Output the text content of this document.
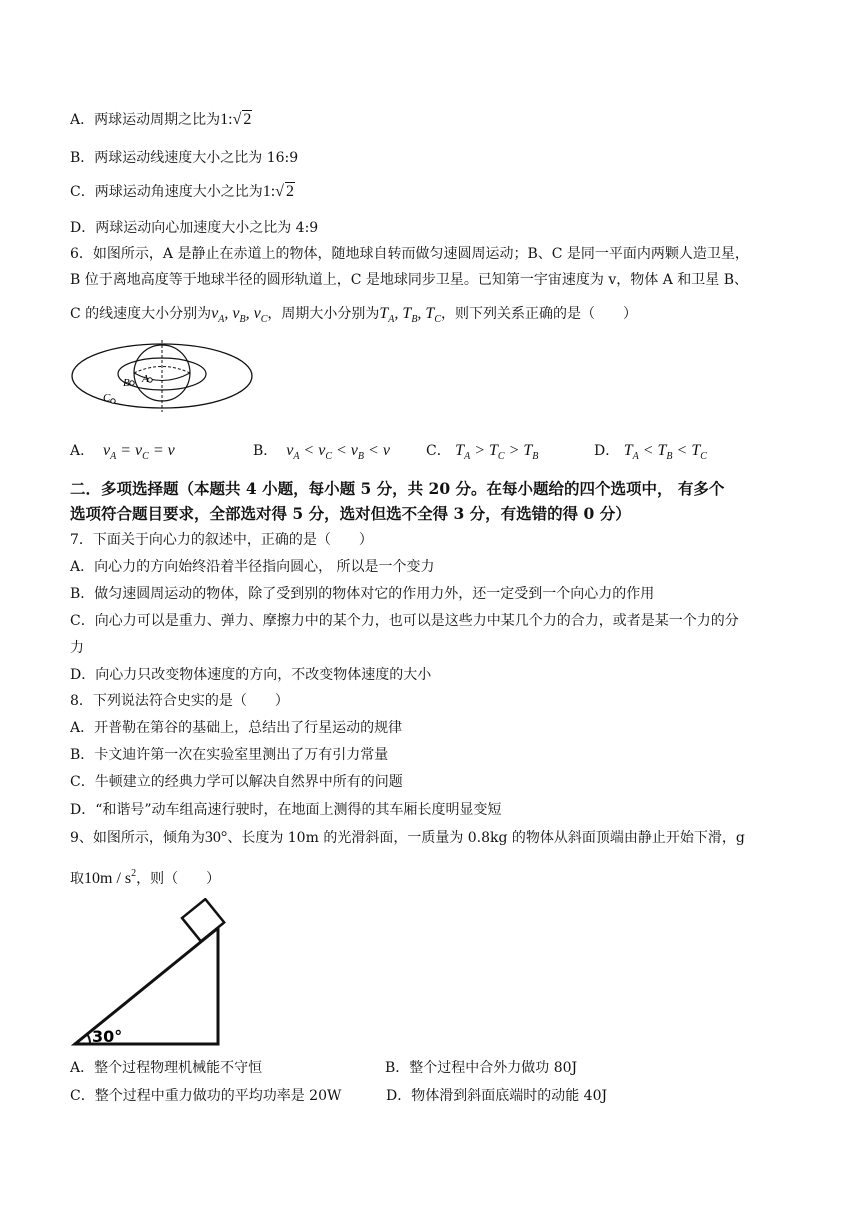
A．两球运动周期之比为1:√ 2
B．两球运动线速度大小之比为 16:9
C．两球运动角速度大小之比为1:√ 2
D．两球运动向心加速度大小之比为 4:9
6．如图所示，A 是静止在赤道上的物体，随地球自转而做匀速圆周运动；B、C 是同一平面内两颗人造卫星，
B 位于离地高度等于地球半径的圆形轨道上，C 是地球同步卫星。已知第一宇宙速度为 v，物体 A 和卫星 B、
C 的线速度大小分别为$v_A$, $v_B$, $v_C$，周期大小分别为$T_A$, $T_B$, $T_C$，则下列关系正确的是（　　）
A
B
C
A． $v_A = v_C = v$	B． $v_A < v_C < v_B < v$	C． $T_A > T_C > T_B$	D． $T_A < T_B < T_C$
二．多项选择题（本题共 4 小题，每小题 5 分，共 20 分。在每小题给的四个选项中， 有多个
选项符合题目要求，全部选对得 5 分，选对但选不全得 3 分，有选错的得 0 分）
7．下面关于向心力的叙述中，正确的是（　　）
A．向心力的方向始终沿着半径指向圆心， 所以是一个变力
B．做匀速圆周运动的物体，除了受到别的物体对它的作用力外，还一定受到一个向心力的作用
C．向心力可以是重力、弹力、摩擦力中的某个力，也可以是这些力中某几个力的合力，或者是某一个力的分
力
D．向心力只改变物体速度的方向，不改变物体速度的大小
8．下列说法符合史实的是（　　）
A．开普勒在第谷的基础上，总结出了行星运动的规律
B．卡文迪许第一次在实验室里测出了万有引力常量
C．牛顿建立的经典力学可以解决自然界中所有的问题
D．“和谐号”动车组高速行驶时，在地面上测得的其车厢长度明显变短
9、如图所示，倾角为30°、长度为 10m 的光滑斜面，一质量为 0.8kg 的物体从斜面顶端由静止开始下滑，g
取$10m / s^2$，则（　　）
30°
A．整个过程物理机械能不守恒	B．整个过程中合外力做功 80J
C．整个过程中重力做功的平均功率是 20W	D．物体滑到斜面底端时的动能 40J
